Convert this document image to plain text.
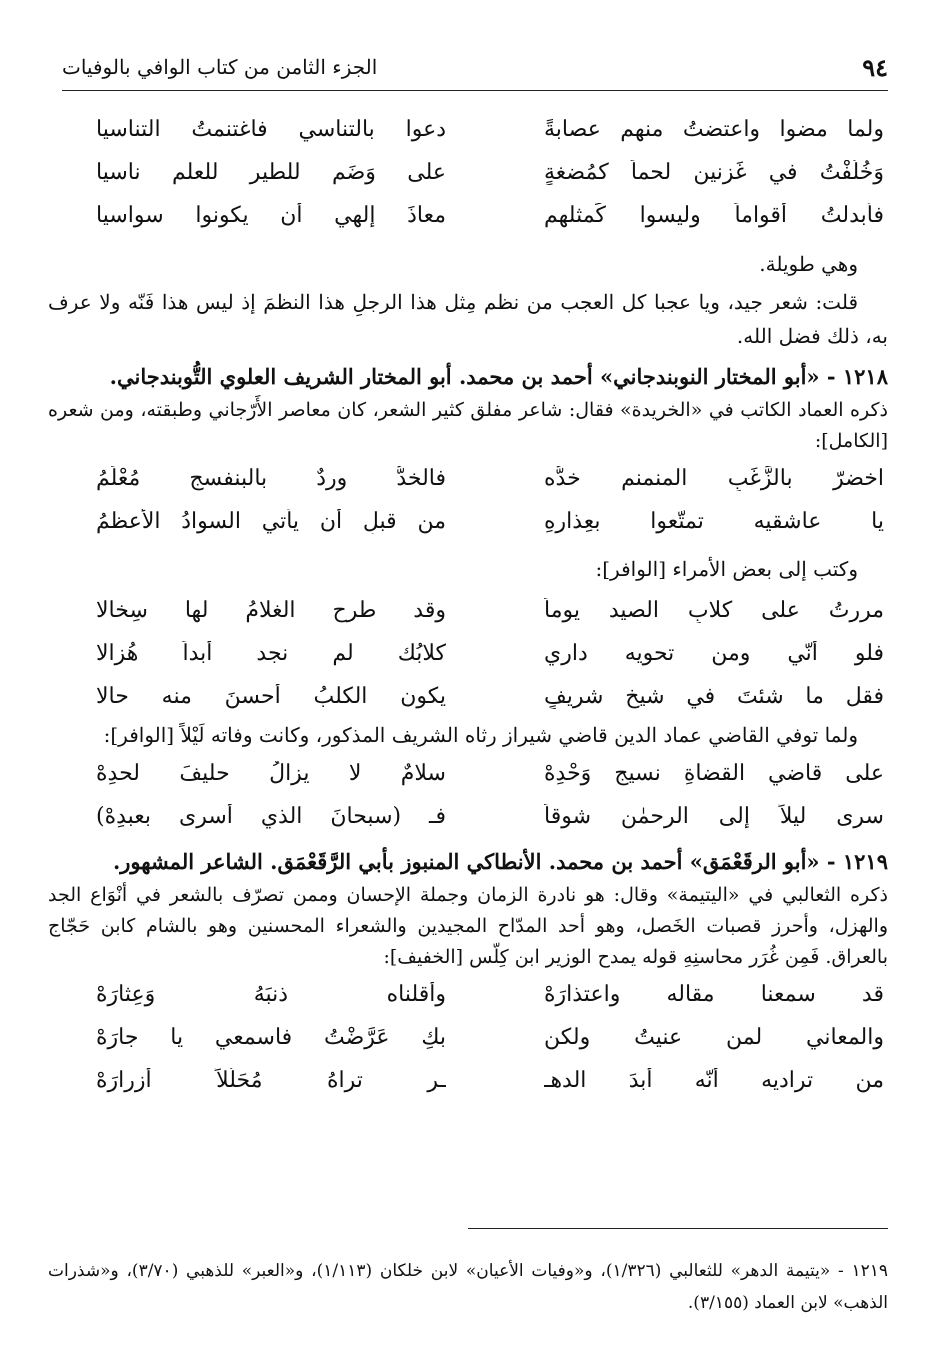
٩٤
الجزء الثامن من كتاب الوافي بالوفيات
ولما مضوا واعتضتُ منهم عصابةً
دعوا بالتناسي فاغتنمتُ التناسيا
وَخُلّفْتُ في غَزنين لحماً كمُضغةٍ
على وَضَمٍ للطيرِ للعلم ناسيا
فأُبدلتُ أقواماً وليسوا كَمثلهم
معاذَ إلهي أن يكونوا سواسيا

وهي طويلة.

قلت: شعر جيد، ويا عجبا كل العجب من نظم مِثل هذا الرجلِ هذا النظمَ إذ ليس هذا فَنّه ولا عرف به، ذلك فضل الله.

١٢١٨ - «أبو المختار النوبندجاني» أحمد بن محمد. أبو المختار الشريف العلوي التُّوبندجاني.

ذكره العماد الكاتب في «الخريدة» فقال: شاعر مفلق كثير الشعر، كان معاصر الأَرّجاني وطبقته، ومن شعره [الكامل]:

اخضرّ بالزَّغَبِ المنمنم خدُّه
فالخدُّ وردٌ بالبنفسج مُعْلَمُ
يا عاشقيه تمتّعوا بعِذارِهِ
من قبلِ أن يأتي السوادُ الأعظمُ

وكتب إلى بعض الأمراء [الوافر]:

مررتُ على كلابِ الصيد يوماً
وقد طرح الغلامُ لها سِخالا
فلو أنّي ومن تحويه داري
كلابُك لم نجد أبداً هُزالا
فقل ما شئتَ في شيخٍ شريفٍ
يكون الكلبُ أحسنَ منه حالا

ولما توفي القاضي عماد الدين قاضي شيراز رثاه الشريف المذكور، وكانت وفاته لَيْلاً [الوافر]:

على قاضي القضاةِ نسيجِ وَحْدِهْ
سلامٌ لا يزالُ حليفَ لحدِهْ
سرى ليلاً إلى الرحمٰنِ شوقاً
فـ (سبحانَ الذي أسرى بعبدِهْ)

١٢١٩ - «أبو الرقَعْمَق» أحمد بن محمد. الأنطاكي المنبوز بأبي الرَّقَعْمَق. الشاعر المشهور.

ذكره الثعالبي في «اليتيمة» وقال: هو نادرة الزمان وجملة الإحسان وممن تصرّف بالشعر في أنْوَاع الجد والهزل، وأحرز قصبات الخَصل، وهو أحد المدّاح المجيدين والشعراء المحسنين وهو بالشام كابن حَجّاج بالعراق. فَمِن غُرَر محاسنِهِ قوله يمدح الوزير ابن كِلّس [الخفيف]:

قد سمعنا مقاله واعتذارَهْ
وأقلناه ذنبَهُ وَعِثارَهْ
والمعاني لمن عنيتُ ولكن
بكِ عَرَّضْتُ فاسمعي يا جارَهْ
من تراديه أنّه أبدَ الدهـ
ـرِ تراهُ مُحَلّلاً أزرارَهْ

١٢١٩ - «يتيمة الدهر» للثعالبي (١/٣٢٦)، و«وفيات الأعيان» لابن خلكان (١/١١٣)، و«العبر» للذهبي (٣/٧٠)، و«شذرات الذهب» لابن العماد (٣/١٥٥).
